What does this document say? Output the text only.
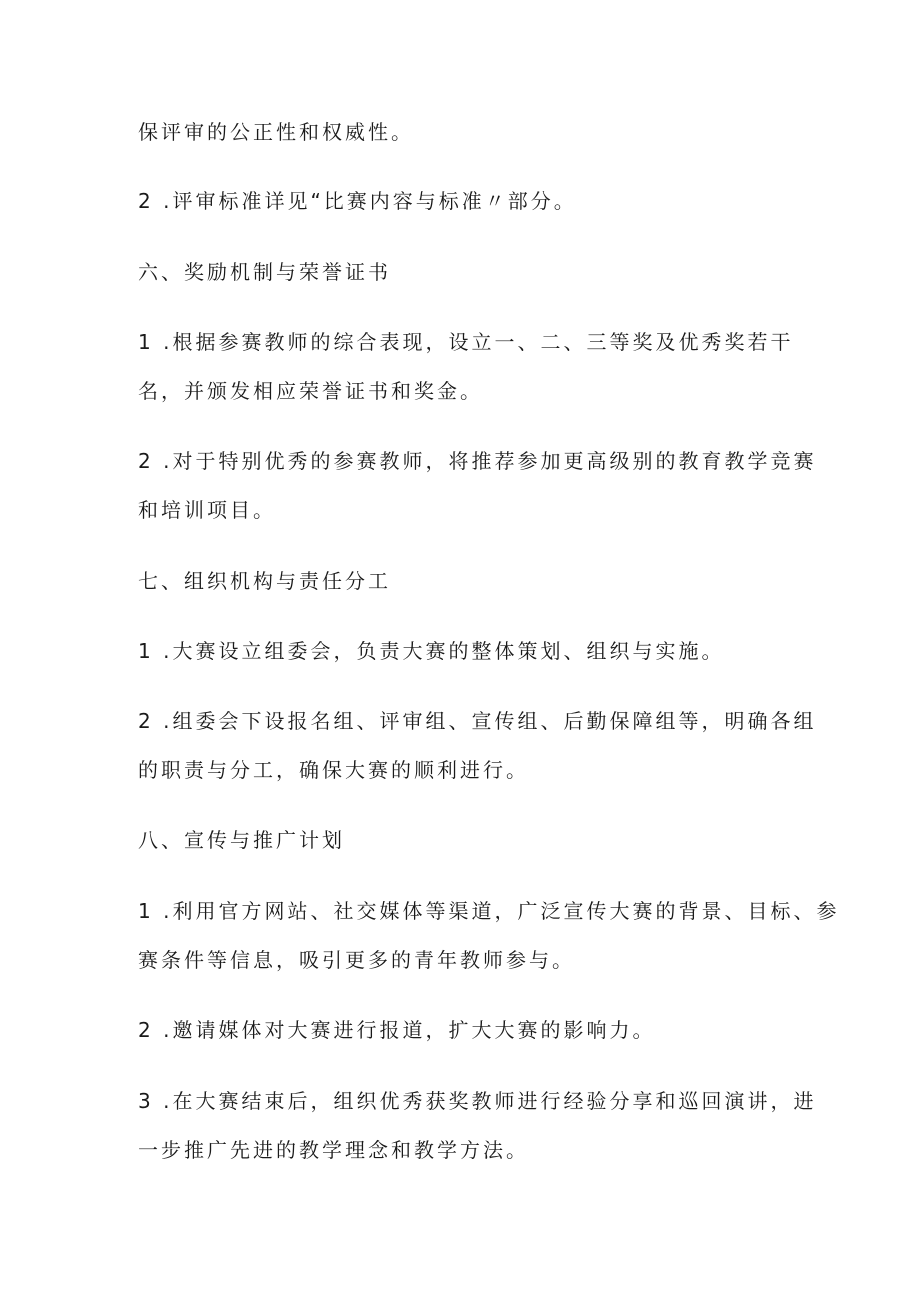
保评审的公正性和权威性。
2 .评审标准详见“比赛内容与标准〃部分。
六、奖励机制与荣誉证书
1 .根据参赛教师的综合表现，设立一、二、三等奖及优秀奖若干
名，并颁发相应荣誉证书和奖金。
2 .对于特别优秀的参赛教师，将推荐参加更高级别的教育教学竞赛
和培训项目。
七、组织机构与责任分工
1 .大赛设立组委会，负责大赛的整体策划、组织与实施。
2 .组委会下设报名组、评审组、宣传组、后勤保障组等，明确各组
的职责与分工，确保大赛的顺利进行。
八、宣传与推广计划
1 .利用官方网站、社交媒体等渠道，广泛宣传大赛的背景、目标、参
赛条件等信息，吸引更多的青年教师参与。
2 .邀请媒体对大赛进行报道，扩大大赛的影响力。
3 .在大赛结束后，组织优秀获奖教师进行经验分享和巡回演讲，进
一步推广先进的教学理念和教学方法。
